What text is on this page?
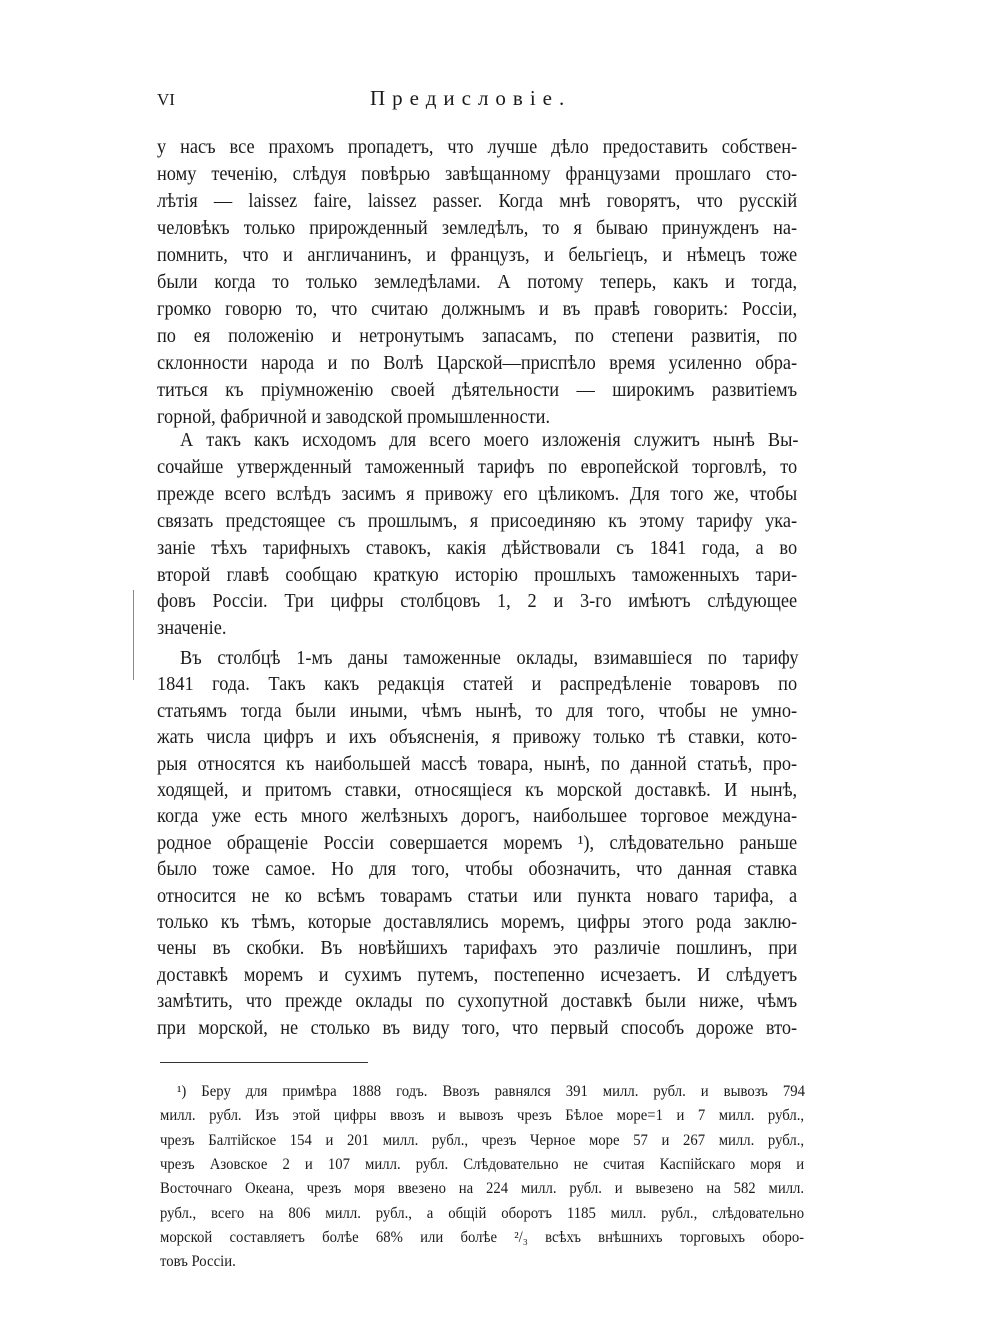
VI	Предисловіе.
у насъ все прахомъ пропадетъ, что лучше дѣло предоставить собствен-
ному теченію, слѣдуя повѣрью завѣщанному французами прошлаго сто-
лѣтія — laissez faire, laissez passer. Когда мнѣ говорятъ, что русскій
человѣкъ только прирожденный земледѣлъ, то я бываю принужденъ на-
помнить, что и англичанинъ, и французъ, и бельгіецъ, и нѣмецъ тоже
были когда то только земледѣлами. А потому теперь, какъ и тогда,
громко говорю то, что считаю должнымъ и въ правѣ говорить: Россіи,
по ея положенію и нетронутымъ запасамъ, по степени развитія, по
склонности народа и по Волѣ Царской—приспѣло время усиленно обра-
титься къ пріумноженію своей дѣятельности — широкимъ развитіемъ
горной, фабричной и заводской промышленности.
А такъ какъ исходомъ для всего моего изложенія служитъ нынѣ Вы-
сочайше утвержденный таможенный тарифъ по европейской торговлѣ, то
прежде всего вслѣдъ засимъ я привожу его цѣликомъ. Для того же, чтобы
связать предстоящее съ прошлымъ, я присоединяю къ этому тарифу ука-
заніе тѣхъ тарифныхъ ставокъ, какія дѣйствовали съ 1841 года, а во
второй главѣ сообщаю краткую исторію прошлыхъ таможенныхъ тари-
фовъ Россіи. Три цифры столбцовъ 1, 2 и 3-го имѣютъ слѣдующее
значеніе.
Въ столбцѣ 1-мъ даны таможенные оклады, взимавшіеся по тарифу
1841 года. Такъ какъ редакція статей и распредѣленіе товаровъ по
статьямъ тогда были иными, чѣмъ нынѣ, то для того, чтобы не умно-
жать числа цифръ и ихъ объясненія, я привожу только тѣ ставки, кото-
рыя относятся къ наибольшей массѣ товара, нынѣ, по данной статьѣ, про-
ходящей, и притомъ ставки, относящіеся къ морской доставкѣ. И нынѣ,
когда уже есть много желѣзныхъ дорогъ, наибольшее торговое междуна-
родное обращеніе Россіи совершается моремъ ¹), слѣдовательно раньше
было тоже самое. Но для того, чтобы обозначить, что данная ставка
относится не ко всѣмъ товарамъ статьи или пункта новаго тарифа, а
только къ тѣмъ, которые доставлялись моремъ, цифры этого рода заклю-
чены въ скобки. Въ новѣйшихъ тарифахъ это различіе пошлинъ, при
доставкѣ моремъ и сухимъ путемъ, постепенно исчезаетъ. И слѣдуетъ
замѣтить, что прежде оклады по сухопутной доставкѣ были ниже, чѣмъ
при морской, не столько въ виду того, что первый способъ дороже вто-
¹) Беру для примѣра 1888 годъ. Ввозъ равнялся 391 милл. рубл. и вывозъ 794
милл. рубл. Изъ этой цифры ввозъ и вывозъ чрезъ Бѣлое море=1 и 7 милл. рубл.,
чрезъ Балтійское 154 и 201 милл. рубл., чрезъ Черное море 57 и 267 милл. рубл.,
чрезъ Азовское 2 и 107 милл. рубл. Слѣдовательно не считая Каспійскаго моря и
Восточнаго Океана, чрезъ моря ввезено на 224 милл. рубл. и вывезено на 582 милл.
рубл., всего на 806 милл. рубл., а общій оборотъ 1185 милл. рубл., слѣдовательно
морской составляетъ болѣе 68% или болѣе ²/₃ всѣхъ внѣшнихъ торговыхъ оборо-
товъ Россіи.
